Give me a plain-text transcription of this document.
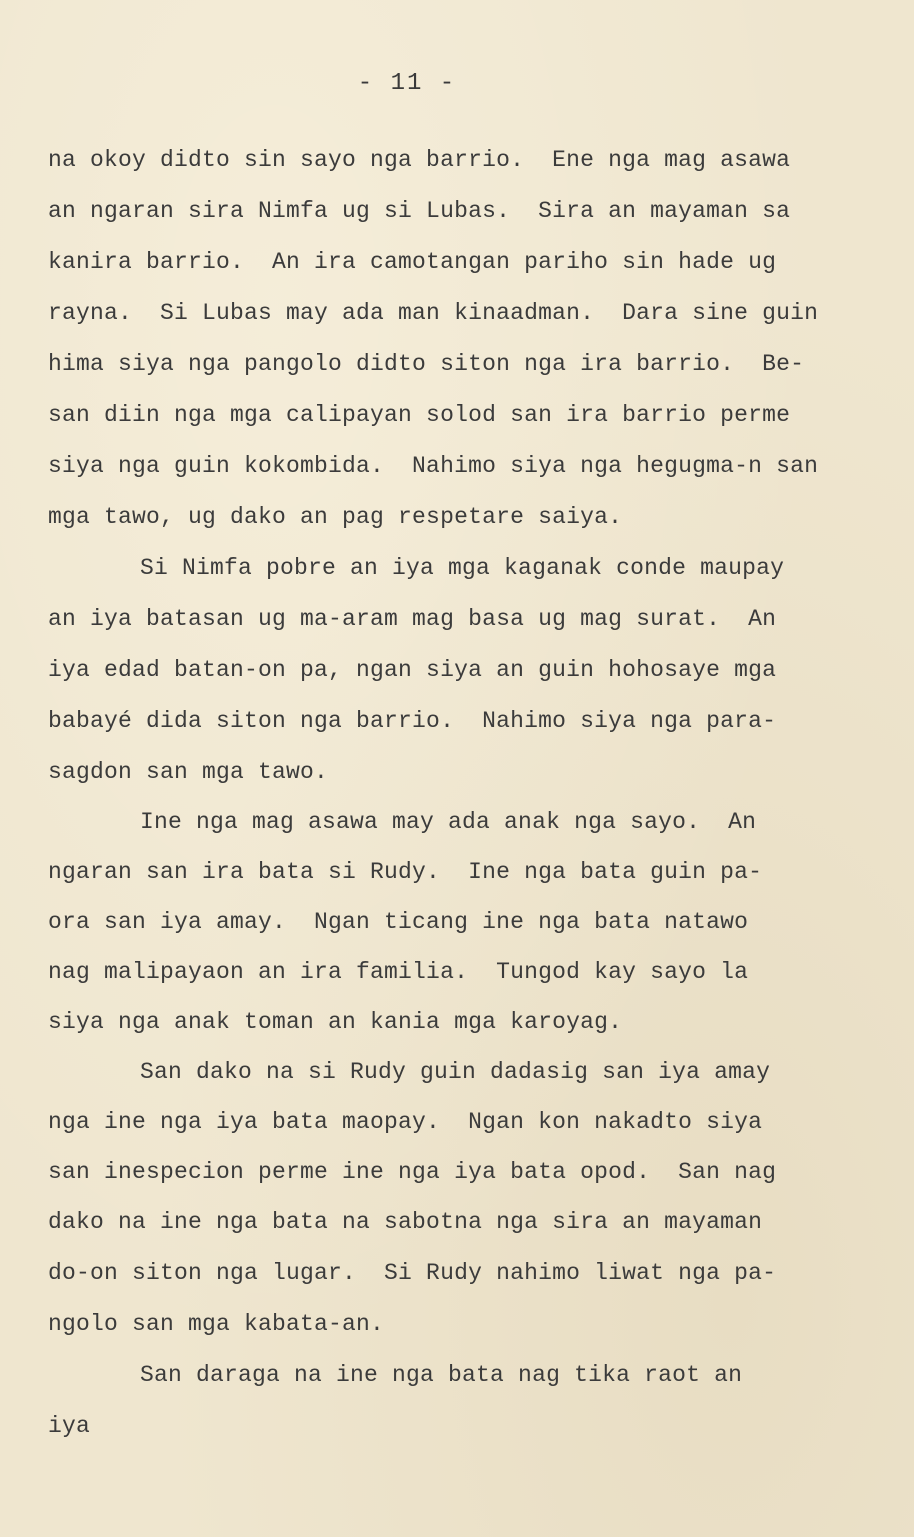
- 11 -
na okoy didto sin sayo nga barrio.  Ene nga mag asawa
an ngaran sira Nimfa ug si Lubas.  Sira an mayaman sa
kanira barrio.  An ira camotangan pariho sin hade ug
rayna.  Si Lubas may ada man kinaadman.  Dara sine guin
hima siya nga pangolo didto siton nga ira barrio.  Be-
san diin nga mga calipayan solod san ira barrio perme
siya nga guin kokombida.  Nahimo siya nga hegugma-n san
mga tawo, ug dako an pag respetare saiya.
Si Nimfa pobre an iya mga kaganak conde maupay
an iya batasan ug ma-aram mag basa ug mag surat.  An
iya edad batan-on pa, ngan siya an guin hohosaye mga
babayé dida siton nga barrio.  Nahimo siya nga para-
sagdon san mga tawo.
Ine nga mag asawa may ada anak nga sayo.  An
ngaran san ira bata si Rudy.  Ine nga bata guin pa-
ora san iya amay.  Ngan ticang ine nga bata natawo
nag malipayaon an ira familia.  Tungod kay sayo la
siya nga anak toman an kania mga karoyag.
San dako na si Rudy guin dadasig san iya amay
nga ine nga iya bata maopay.  Ngan kon nakadto siya
san inespecion perme ine nga iya bata opod.  San nag
dako na ine nga bata na sabotna nga sira an mayaman
do-on siton nga lugar.  Si Rudy nahimo liwat nga pa-
ngolo san mga kabata-an.
San daraga na ine nga bata nag tika raot an
iya
